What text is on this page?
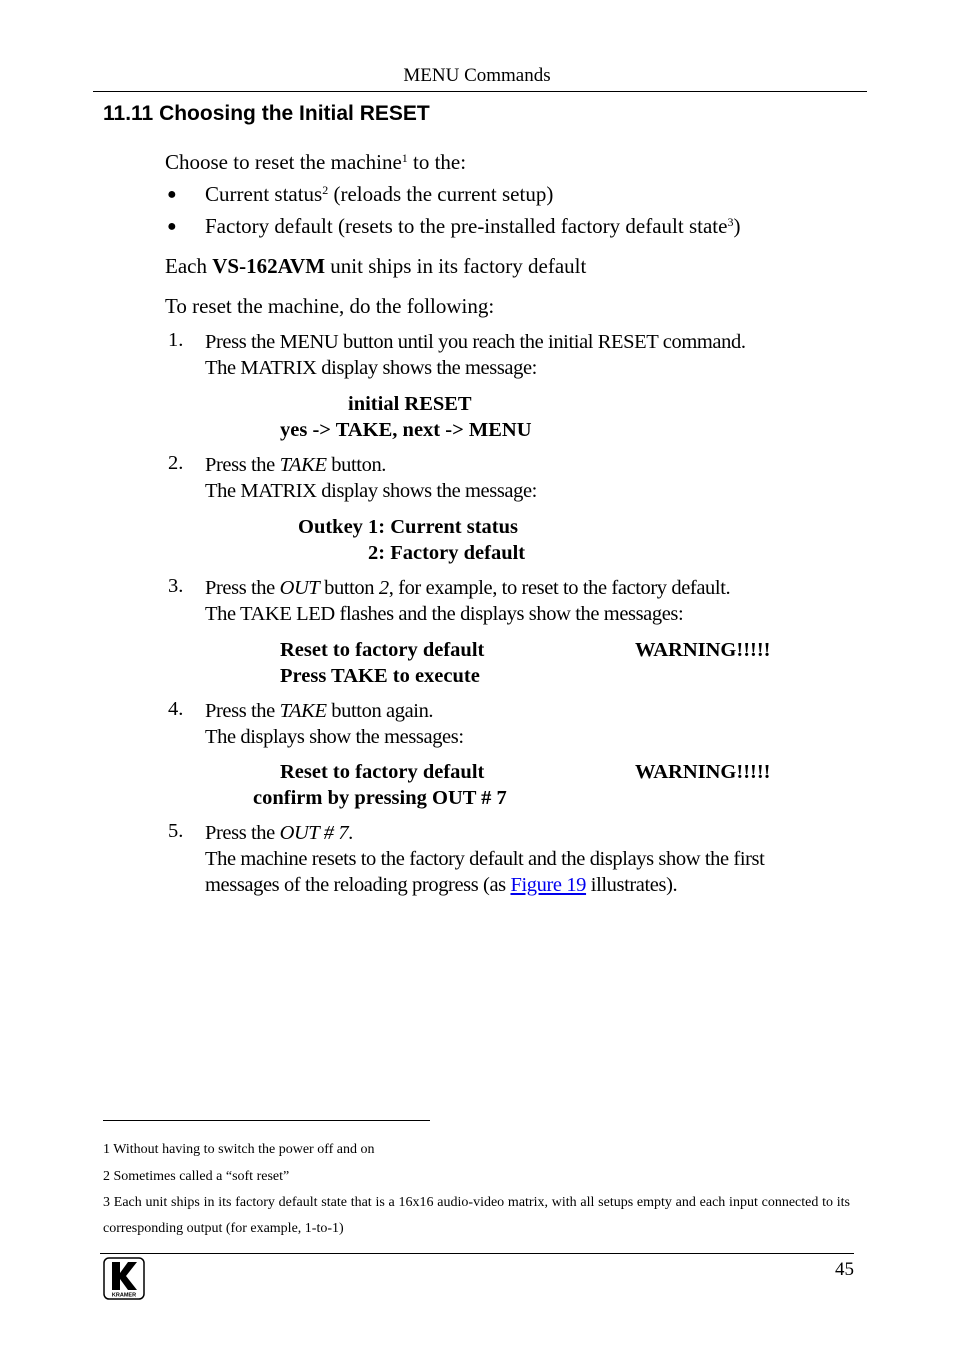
MENU Commands
11.11 Choosing the Initial RESET
Choose to reset the machine$^1$ to the:
● Current status$^2$ (reloads the current setup)
● Factory default (resets to the pre-installed factory default state$^3$)
Each VS-162AVM unit ships in its factory default
To reset the machine, do the following:
1. Press the MENU button until you reach the initial RESET command.
The MATRIX display shows the message:
initial RESET
yes -> TAKE, next -> MENU
2. Press the TAKE button.
The MATRIX display shows the message:
Outkey 1: Current status
2: Factory default
3. Press the OUT button 2, for example, to reset to the factory default.
The TAKE LED flashes and the displays show the messages:
Reset to factory default
Press TAKE to execute
WARNING!!!!!
4. Press the TAKE button again.
The displays show the messages:
Reset to factory default
confirm by pressing OUT # 7
WARNING!!!!!
5. Press the OUT # 7.
The machine resets to the factory default and the displays show the first
messages of the reloading progress (as Figure 19 illustrates).
1 Without having to switch the power off and on
2 Sometimes called a “soft reset”
3 Each unit ships in its factory default state that is a 16x16 audio-video matrix, with all setups empty and each input connected to its corresponding output (for example, 1-to-1)
45
KRAMER
